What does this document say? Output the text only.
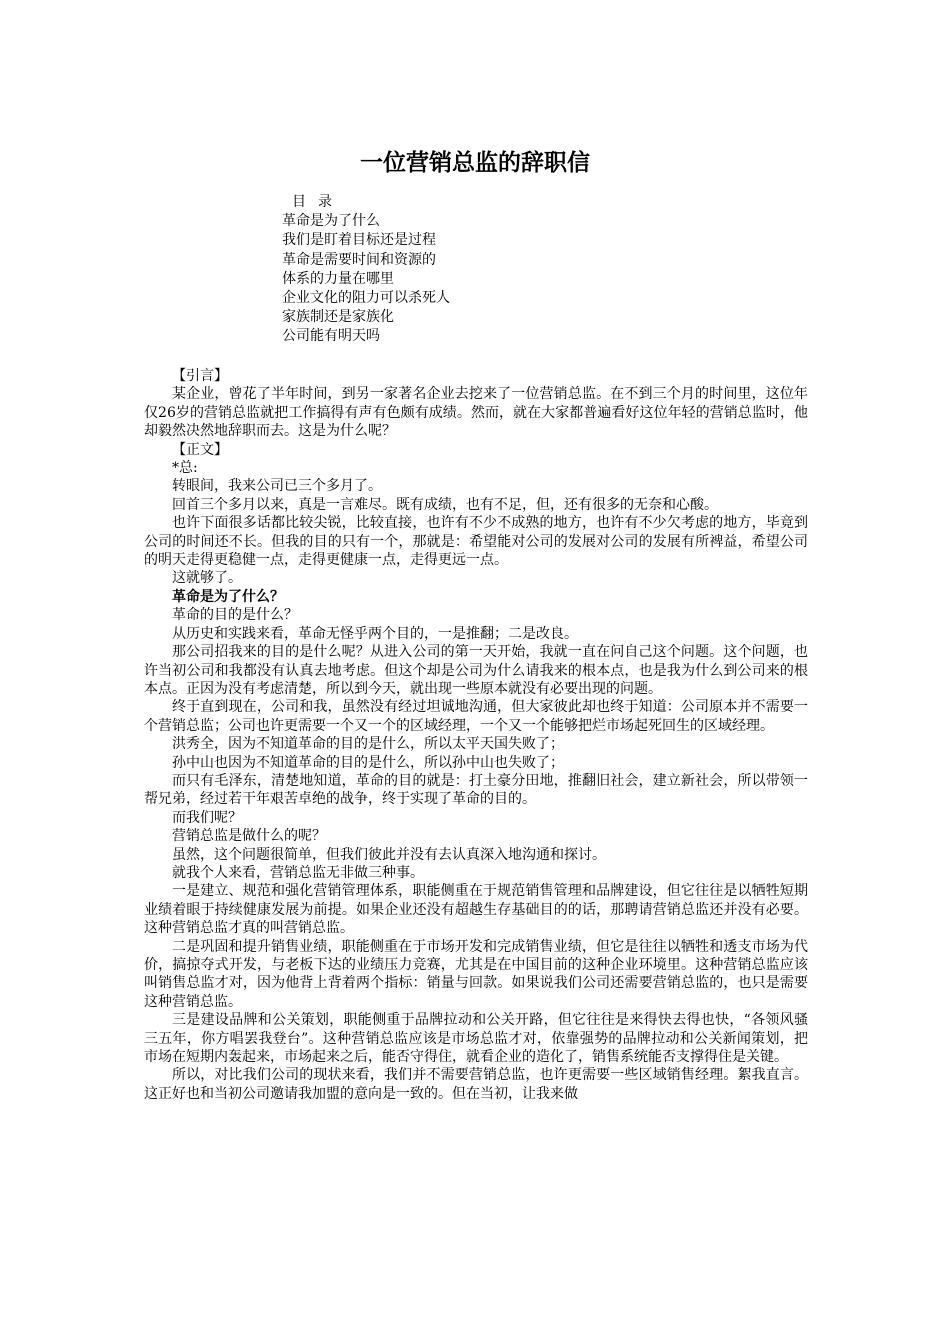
一位营销总监的辞职信
目录
革命是为了什么
我们是盯着目标还是过程
革命是需要时间和资源的
体系的力量在哪里
企业文化的阻力可以杀死人
家族制还是家族化
公司能有明天吗

【引言】

某企业，曾花了半年时间，到另一家著名企业去挖来了一位营销总监。在不到三个月的时间里，这位年仅26岁的营销总监就把工作搞得有声有色颇有成绩。然而，就在大家都普遍看好这位年轻的营销总监时，他却毅然决然地辞职而去。这是为什么呢？

【正文】

*总:

转眼间，我来公司已三个多月了。

回首三个多月以来，真是一言难尽。既有成绩，也有不足，但，还有很多的无奈和心酸。

也许下面很多话都比较尖锐，比较直接，也许有不少不成熟的地方，也许有不少欠考虑的地方，毕竟到公司的时间还不长。但我的目的只有一个，那就是：希望能对公司的发展对公司的发展有所裨益，希望公司的明天走得更稳健一点，走得更健康一点，走得更远一点。

这就够了。

革命是为了什么？

革命的目的是什么？

从历史和实践来看，革命无怪乎两个目的，一是推翻；二是改良。

那公司招我来的目的是什么呢？从进入公司的第一天开始，我就一直在问自己这个问题。这个问题，也许当初公司和我都没有认真去地考虑。但这个却是公司为什么请我来的根本点，也是我为什么到公司来的根本点。正因为没有考虑清楚，所以到今天，就出现一些原本就没有必要出现的问题。

终于直到现在，公司和我，虽然没有经过坦诚地沟通，但大家彼此却也终于知道：公司原本并不需要一个营销总监；公司也许更需要一个又一个的区域经理，一个又一个能够把烂市场起死回生的区域经理。

洪秀全，因为不知道革命的目的是什么，所以太平天国失败了；

孙中山也因为不知道革命的目的是什么，所以孙中山也失败了；

而只有毛泽东，清楚地知道，革命的目的就是：打土豪分田地，推翻旧社会，建立新社会，所以带领一帮兄弟，经过若干年艰苦卓绝的战争，终于实现了革命的目的。

而我们呢？

营销总监是做什么的呢？

虽然，这个问题很简单，但我们彼此并没有去认真深入地沟通和探讨。

就我个人来看，营销总监无非做三种事。

一是建立、规范和强化营销管理体系，职能侧重在于规范销售管理和品牌建设，但它往往是以牺牲短期业绩着眼于持续健康发展为前提。如果企业还没有超越生存基础目的的话，那聘请营销总监还并没有必要。这种营销总监才真的叫营销总监。

二是巩固和提升销售业绩，职能侧重在于市场开发和完成销售业绩，但它是往往以牺牲和透支市场为代价，搞掠夺式开发，与老板下达的业绩压力竞赛，尤其是在中国目前的这种企业环境里。这种营销总监应该叫销售总监才对，因为他背上背着两个指标：销量与回款。如果说我们公司还需要营销总监的，也只是需要这种营销总监。

三是建设品牌和公关策划，职能侧重于品牌拉动和公关开路，但它往往是来得快去得也快，“各领风骚三五年，你方唱罢我登台”。这种营销总监应该是市场总监才对，依靠强势的品牌拉动和公关新闻策划，把市场在短期内轰起来，市场起来之后，能否守得住，就看企业的造化了，销售系统能否支撑得住是关键。

所以，对比我们公司的现状来看，我们并不需要营销总监，也许更需要一些区域销售经理。絮我直言。这正好也和当初公司邀请我加盟的意向是一致的。但在当初，让我来做
